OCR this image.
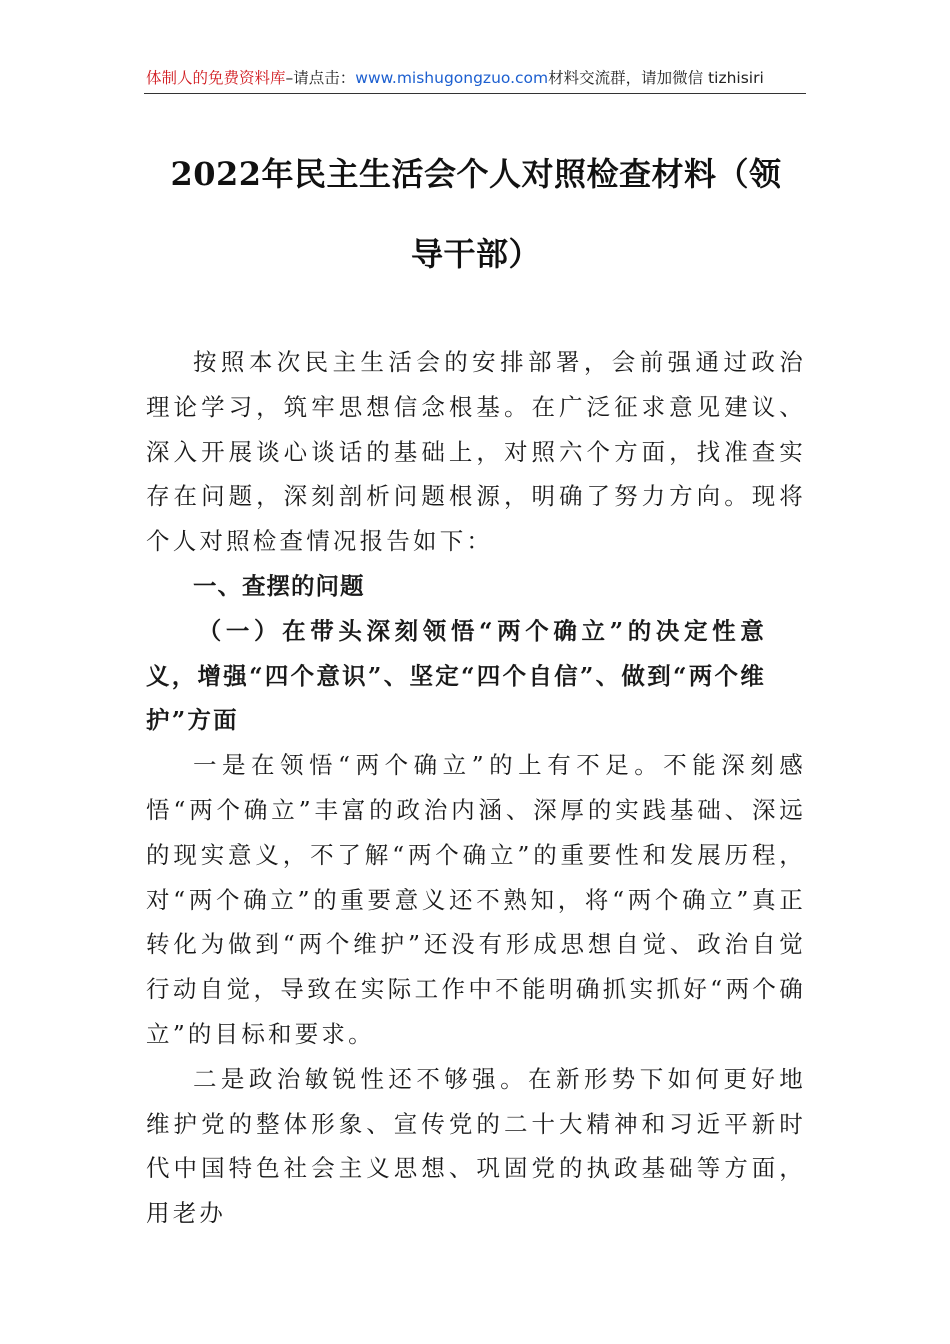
体制人的免费资料库–请点击：www.mishugongzuo.com材料交流群，请加微信 tizhisiri
2022年民主生活会个人对照检查材料（领
导干部）

按照本次民主生活会的安排部署，会前强通过政治理论学习，筑牢思想信念根基。在广泛征求意见建议、深入开展谈心谈话的基础上，对照六个方面，找准查实存在问题，深刻剖析问题根源，明确了努力方向。现将个人对照检查情况报告如下：

一、查摆的问题

（一）在带头深刻领悟“两个确立”的决定性意义，增强“四个意识”、坚定“四个自信”、做到“两个维护”方面

一是在领悟“两个确立”的上有不足。不能深刻感悟“两个确立”丰富的政治内涵、深厚的实践基础、深远的现实意义，不了解“两个确立”的重要性和发展历程，对“两个确立”的重要意义还不熟知，将“两个确立”真正转化为做到“两个维护”还没有形成思想自觉、政治自觉行动自觉，导致在实际工作中不能明确抓实抓好“两个确立”的目标和要求。

二是政治敏锐性还不够强。在新形势下如何更好地维护党的整体形象、宣传党的二十大精神和习近平新时代中国特色社会主义思想、巩固党的执政基础等方面，用老办
